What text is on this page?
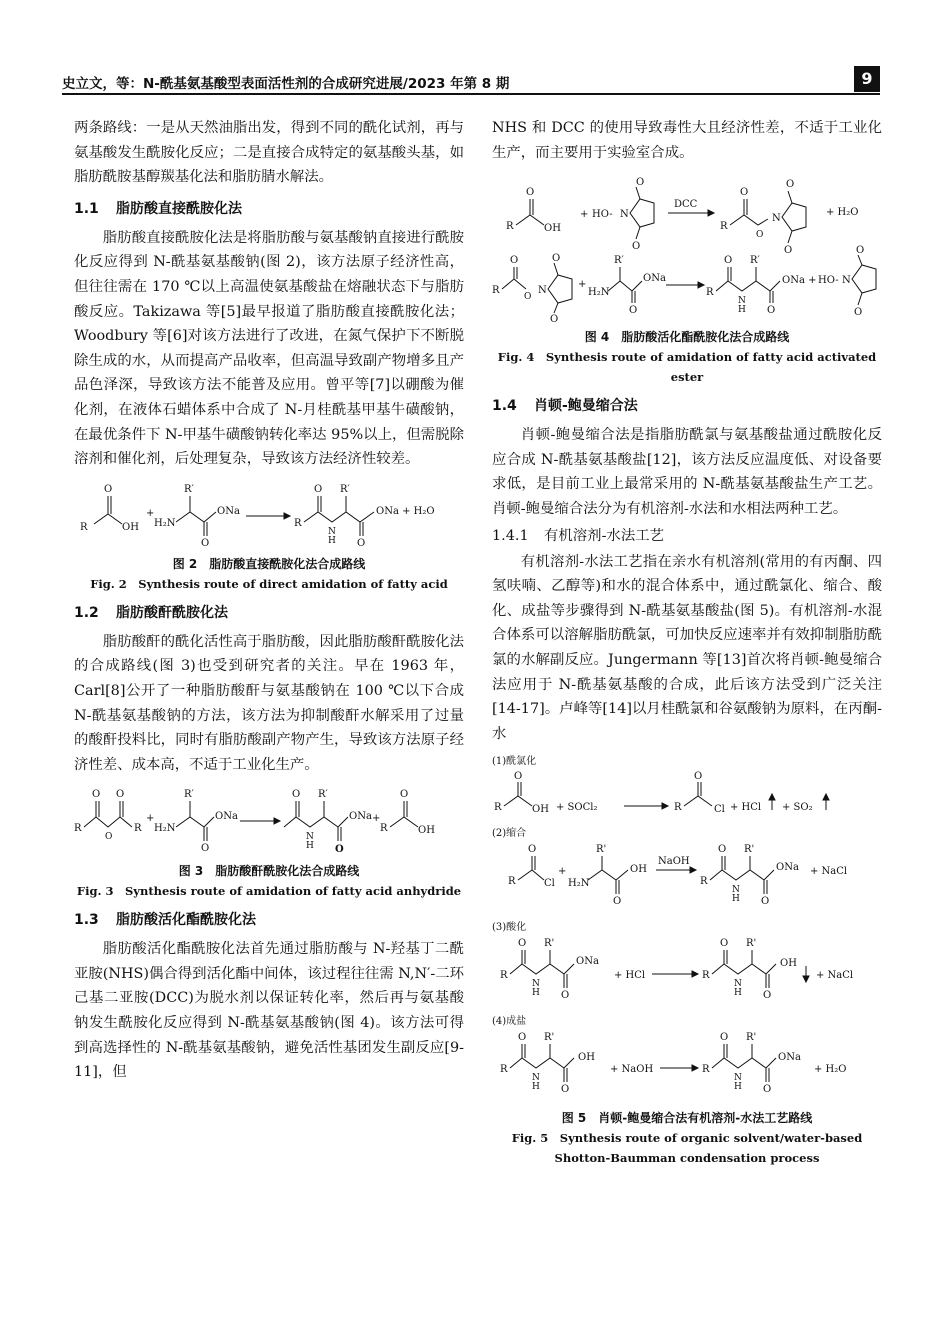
史立文，等：N-酰基氨基酸型表面活性剂的合成研究进展/2023 年第 8 期	9

两条路线：一是从天然油脂出发，得到不同的酰化试剂，再与氨基酸发生酰胺化反应；二是直接合成特定的氨基酸头基，如脂肪酰胺基醇羰基化法和脂肪腈水解法。

1.1 脂肪酸直接酰胺化法

脂肪酸直接酰胺化法是将脂肪酸与氨基酸钠直接进行酰胺化反应得到 N-酰基氨基酸钠(图 2)，该方法原子经济性高，但往往需在 170 ℃以上高温使氨基酸盐在熔融状态下与脂肪酸反应。Takizawa 等[5]最早报道了脂肪酸直接酰胺化法；Woodbury 等[6]对该方法进行了改进，在氮气保护下不断脱除生成的水，从而提高产品收率，但高温导致副产物增多且产品色泽深，导致该方法不能普及应用。曾平等[7]以硼酸为催化剂，在液体石蜡体系中合成了 N-月桂酰基甲基牛磺酸钠，在最优条件下 N-甲基牛磺酸钠转化率达 95%以上，但需脱除溶剂和催化剂，后处理复杂，导致该方法经济性较差。

O
R	OH
+
H₂N
R′
O
ONa
R
O
N
H
R′
O
ONa + H₂O
图 2　脂肪酸直接酰胺化法合成路线
Fig. 2　Synthesis route of direct amidation of fatty acid
1.2 脂肪酸酐酰胺化法

脂肪酸酐的酰化活性高于脂肪酸，因此脂肪酸酐酰胺化法的合成路线(图 3)也受到研究者的关注。早在 1963 年，Carl[8]公开了一种脂肪酸酐与氨基酸钠在 100 ℃以下合成 N-酰基氨基酸钠的方法，该方法为抑制酸酐水解采用了过量的酸酐投料比，同时有脂肪酸副产物产生，导致该方法原子经济性差、成本高，不适于工业化生产。

R
O
O
O
R
+
H₂N
R′
O
ONa
O
N
H
R′
O
ONa +
R
O
OH
图 3　脂肪酸酐酰胺化法合成路线
Fig. 3　Synthesis route of amidation of fatty acid anhydride
1.3 脂肪酸活化酯酰胺化法

脂肪酸活化酯酰胺化法首先通过脂肪酸与 N-羟基丁二酰亚胺(NHS)偶合得到活化酯中间体，该过程往往需 N,N′-二环己基二亚胺(DCC)为脱水剂以保证转化率，然后再与氨基酸钠发生酰胺化反应得到 N-酰基氨基酸钠(图 4)。该方法可得到高选择性的 N-酰基氨基酸钠，避免活性基团发生副反应[9-11]，但

NHS 和 DCC 的使用导致毒性大且经济性差，不适于工业化生产，而主要用于实验室合成。

R
O
OH
+ HO- N
O
O
DCC
R
O
O
N
O
O
+ H₂O
R
O
O
N
O
O
+
H₂N
R′
O
ONa
R
O
N
H
R′
O
ONa + HO- N
O
O
图 4　脂肪酸活化酯酰胺化法合成路线
Fig. 4　Synthesis route of amidation of fatty acid activated ester
1.4 肖顿-鲍曼缩合法

肖顿-鲍曼缩合法是指脂肪酰氯与氨基酸盐通过酰胺化反应合成 N-酰基氨基酸盐[12]，该方法反应温度低、对设备要求低，是目前工业上最常采用的 N-酰基氨基酸盐生产工艺。肖顿-鲍曼缩合法分为有机溶剂-水法和水相法两种工艺。

1.4.1 有机溶剂-水法工艺

有机溶剂-水法工艺指在亲水有机溶剂(常用的有丙酮、四氢呋喃、乙醇等)和水的混合体系中，通过酰氯化、缩合、酸化、成盐等步骤得到 N-酰基氨基酸盐(图 5)。有机溶剂-水混合体系可以溶解脂肪酰氯，可加快反应速率并有效抑制脂肪酰氯的水解副反应。Jungermann 等[13]首次将肖顿-鲍曼缩合法应用于 N-酰基氨基酸的合成，此后该方法受到广泛关注[14-17]。卢峰等[14]以月桂酰氯和谷氨酸钠为原料，在丙酮-水

(1)酰氯化
R
O
OH + SOCl₂	R
O
Cl + HCl + SO₂
(2)缩合
R
O
Cl
+
H₂N
R'
O
OH
NaOH
R
O
N
H
R'
O
ONa + NaCl
(3)酸化
R
O
N
H
R'
O
ONa
+ HCl	R
O
N
H
R'
O
OH
+ NaCl
(4)成盐
R
O
N
H
R'
O
OH
+ NaOH	R
O
N
H
R'
O
ONa
+ H₂O
图 5　肖顿-鲍曼缩合法有机溶剂-水法工艺路线
Fig. 5　Synthesis route of organic solvent/water-based
Shotton-Baumman condensation process
